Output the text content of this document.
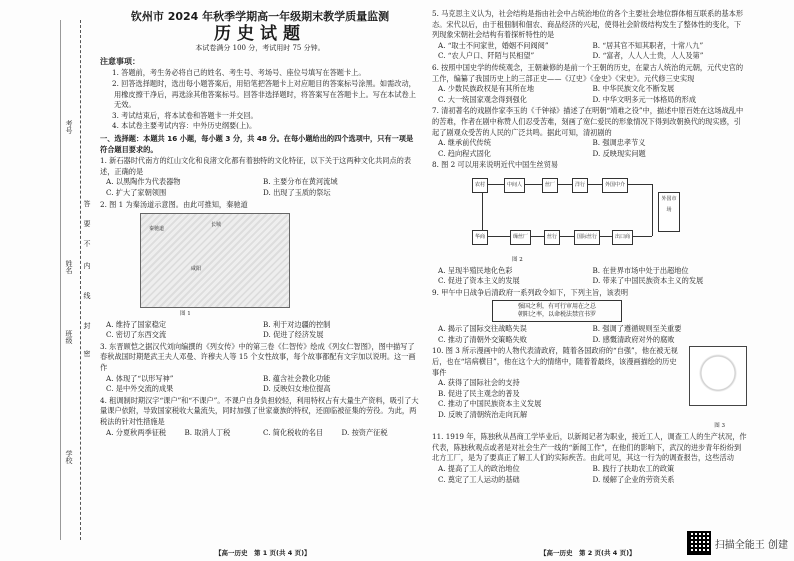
考号
姓名
班级
学校
答
要
不
内
线
封
密
钦州市 2024 年秋季学期高一年级期末教学质量监测
历史试题
本试卷满分 100 分，考试用时 75 分钟。
注意事项：
1. 答题前，考生务必将自己的姓名、考生号、考场号、座位号填写在答题卡上。
2. 回答选择题时，选出每小题答案后，用铅笔把答题卡上对应题目的答案标号涂黑。如需改动，用橡皮擦干净后，再选涂其他答案标号。回答非选择题时，将答案写在答题卡上。写在本试卷上无效。
3. 考试结束后，将本试卷和答题卡一并交回。
4. 本试卷主要考试内容：中外历史纲要(上)。
一、选择题：本题共 16 小题，每小题 3 分，共 48 分。在每小题给出的四个选项中，只有一项是符合题目要求的。
1. 新石器时代南方的红山文化和良渚文化都有着独特的文化特征，以下关于这两种文化共同点的表述，正确的是
A. 以黑陶作为代表器物	B. 主要分布在黄河流域
C. 扩大了家朝领围	D. 出现了玉质的祭坛
2. 图 1 为秦汤道示意图。由此可推知，秦驰道
秦驰道
长城
咸阳
图 1
A. 维持了国家稳定	B. 利于对边疆的控制
C. 密切了东西交流	D. 促进了经济发展
3. 东晋顾恺之据汉代刘向编撰的《列女传》中的第三卷《仁智传》绘成《列女仁智图》，图中描写了春秋战国时期楚武王夫人邓曼、许穆夫人等 15 个女性故事，每个故事都配有文字加以说明。这一画作
A. 体现了“以形写神”	B. 蕴含社会教化功能
C. 是中外交流的成果	D. 反映妇女地位提高
4. 租调制时期汉字“课户”和“不课户”。不课户自身负担较轻，利用特权占有大量生产资料，吸引了大量课户依附，导致国家税收大量流失，同时加强了世家豪族的特权，还面临被征集的劳役。为此，两税法的针对性措施是
A. 分夏秋两季征税	B. 取消人丁税	C. 简化税收的名目	D. 按资产征税
【高一历史　第 1 页(共 4 页)】
5. 马克思主义认为，社会结构是指由社会中占统治地位的各个主要社会地位群体相互联系的基本形态。宋代以后，由于租佃制和佃农、商品经济的兴起，使得社会阶级结构发生了整体性的变化，下列现象宋朝社会结构有着探析特性的是
A. “取士不问家世，婚姻不问阀阅”	B. “居其官不知其职者，十常八九”
C. “农人户口、阡陌与民相望”	D. “富者，人人人士贵，人人及第”
6. 按照中国史学的传统观念，王朝兼修的是前一个王朝的历史，在蒙古人统治的元朝，元代史官的工作，编纂了我国历史上的三部正史——《辽史》《金史》《宋史》。元代修三史实现
A. 少数民族政权是有其所在地	B. 中华民族文化不断发展
C. 大一统国家观念得到强化	D. 中华文明多元一体格局的形成
7. 清初著名的戏剧作家李玉的《千钟禄》描述了在明朝“靖难之役”中，描述中原百姓在这场战乱中的苦难，作者在剧中称赞人们忍受苦难，刻画了宽仁爱民的形象情况下得到改朝换代的现实感，引起了剧观众受苦的人民的广泛共鸣。据此可知，清初剧的
A. 继承前代传统	B. 强调忠孝节义
C. 趋向程式固化	D. 反映现实问题
8. 图 2 可以用来说明近代中国生丝贸易
农村	中间人	丝厂	洋行	外国中介
外国市场
华商	缫丝厂	丝行	国际丝行	出口商
图 2
A. 呈现半殖民地化色彩	B. 在世界市场中处于出超地位
C. 促进了资本主义的发展	D. 带来了中国民族资本主义的发展
9. 甲午中日战争后清政府一系列政令如下，下列主旨，该表明
强国之利，有可行审用在之总
朝阳之率，以命税法禁宜书罗
A. 揭示了国际交往战略失误	B. 强调了遵循规则至关重要
C. 推动了清朝外交策略失败	D. 感慨清政府对外的腐败
10. 图 3 所示漫画中的人物代表清政府，随着各国政府的“自强”，他在被无视后，也在“培病横目”，他在这个大的情绪中，随着着最终，该漫画描绘的历史事件
A. 获得了国际社会的支持
B. 促进了民主观念的普及
C. 推动了中国民族资本主义发展
D. 反映了清朝统治走向瓦解
图 3
11. 1919 年，陈独秋从昌商工学毕业后，以新闻记者为职业，接近工人，调查工人的生产状况，作代表，陈独秋观点或者是对社会生产一线的“新闻工作”，在他们的影响下，武汉的进步青年纷纷到北方工厂，是为了要真正了解工人们的实际疾苦。由此可见，其这一行为的调查报告，这些活动
A. 提高了工人的政治地位	B. 践行了扶助农工的政策
C. 奠定了工人运动的基础	D. 缓解了企业的劳资关系
【高一历史　第 2 页(共 4 页)】
扫描全能王 创建
